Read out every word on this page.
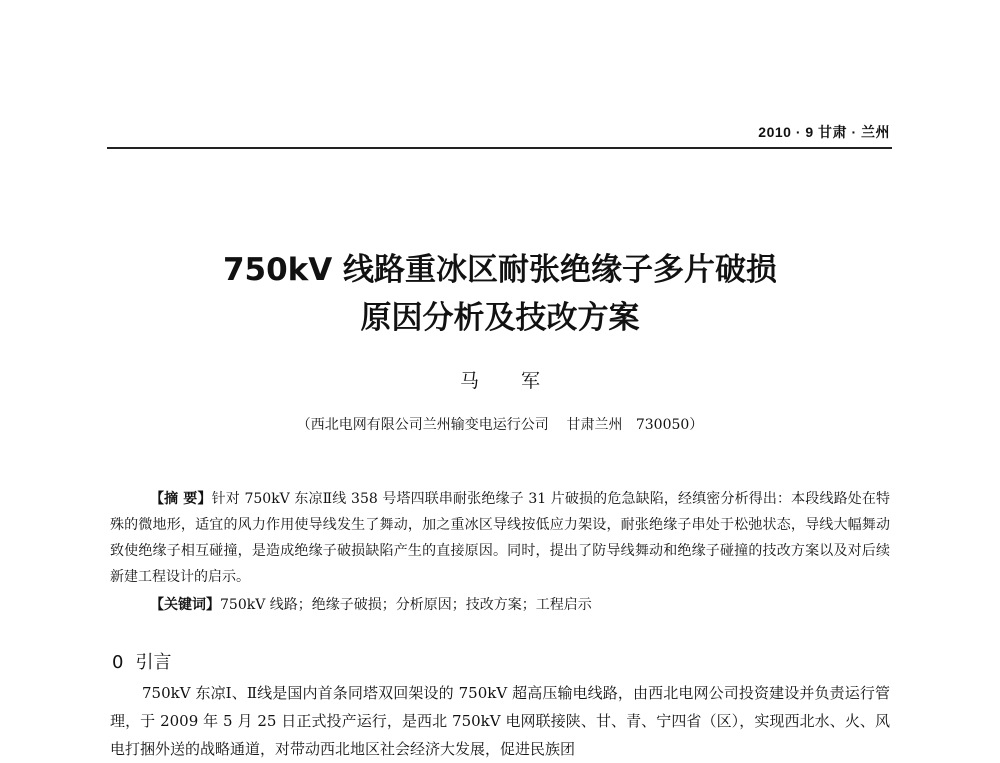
2010 · 9 甘肃 · 兰州
750kV 线路重冰区耐张绝缘子多片破损
原因分析及技改方案
马 军
（西北电网有限公司兰州输变电运行公司    甘肃兰州   730050）
【摘 要】针对 750kV 东凉Ⅱ线 358 号塔四联串耐张绝缘子 31 片破损的危急缺陷，经缜密分析得出：本段线路处在特殊的微地形，适宜的风力作用使导线发生了舞动，加之重冰区导线按低应力架设，耐张绝缘子串处于松弛状态，导线大幅舞动致使绝缘子相互碰撞，是造成绝缘子破损缺陷产生的直接原因。同时，提出了防导线舞动和绝缘子碰撞的技改方案以及对后续新建工程设计的启示。
【关键词】750kV 线路；绝缘子破损；分析原因；技改方案；工程启示
0 引言
750kV 东凉Ⅰ、Ⅱ线是国内首条同塔双回架设的 750kV 超高压输电线路，由西北电网公司投资建设并负责运行管理，于 2009 年 5 月 25 日正式投产运行，是西北 750kV 电网联接陕、甘、青、宁四省（区），实现西北水、火、风电打捆外送的战略通道，对带动西北地区社会经济大发展，促进民族团
